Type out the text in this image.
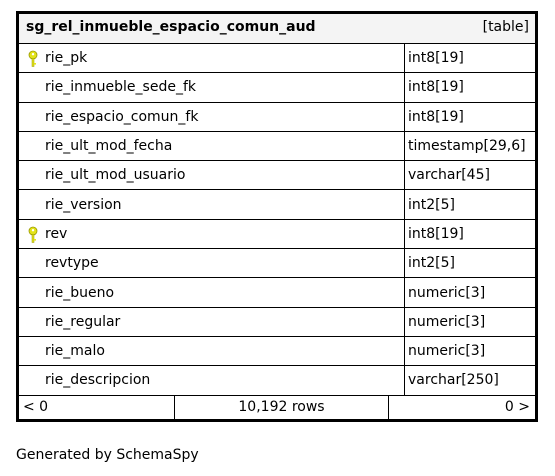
sg_rel_inmueble_espacio_comun_aud	[table]
rie_pk	int8[19]
rie_inmueble_sede_fk	int8[19]
rie_espacio_comun_fk	int8[19]
rie_ult_mod_fecha	timestamp[29,6]
rie_ult_mod_usuario	varchar[45]
rie_version	int2[5]
rev	int8[19]
revtype	int2[5]
rie_bueno	numeric[3]
rie_regular	numeric[3]
rie_malo	numeric[3]
rie_descripcion	varchar[250]
< 0	10,192 rows	0 >
Generated by SchemaSpy
